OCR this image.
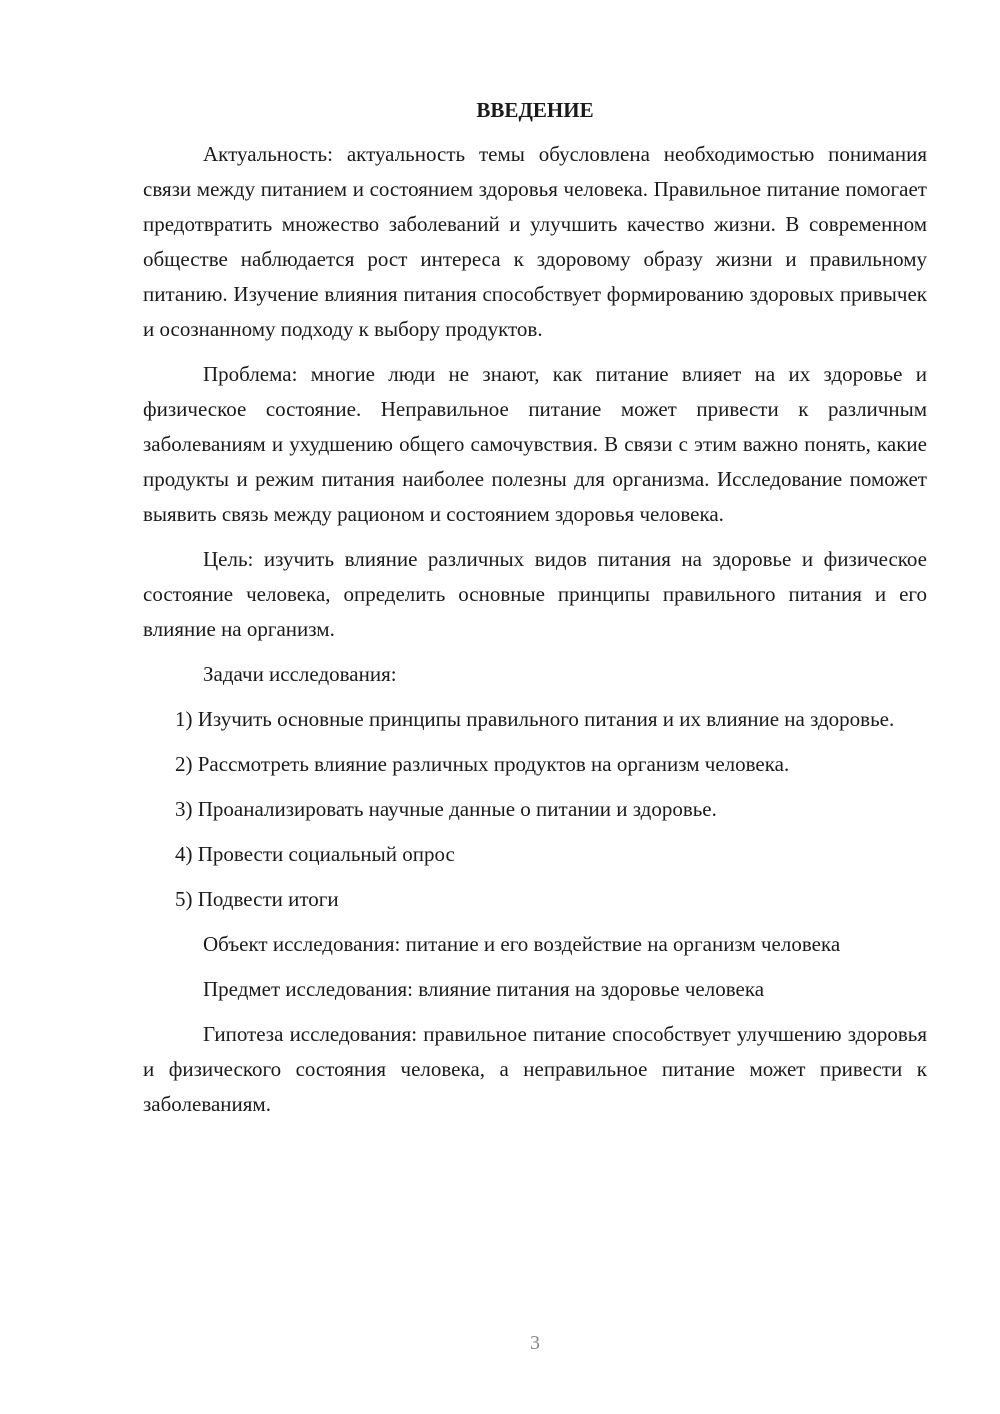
ВВЕДЕНИЕ

Актуальность: актуальность темы обусловлена необходимостью понимания связи между питанием и состоянием здоровья человека. Правильное питание помогает предотвратить множество заболеваний и улучшить качество жизни. В современном обществе наблюдается рост интереса к здоровому образу жизни и правильному питанию. Изучение влияния питания способствует формированию здоровых привычек и осознанному подходу к выбору продуктов.

Проблема: многие люди не знают, как питание влияет на их здоровье и физическое состояние. Неправильное питание может привести к различным заболеваниям и ухудшению общего самочувствия. В связи с этим важно понять, какие продукты и режим питания наиболее полезны для организма. Исследование поможет выявить связь между рационом и состоянием здоровья человека.

Цель: изучить влияние различных видов питания на здоровье и физическое состояние человека, определить основные принципы правильного питания и его влияние на организм.

Задачи исследования:

1) Изучить основные принципы правильного питания и их влияние на здоровье.

2) Рассмотреть влияние различных продуктов на организм человека.

3) Проанализировать научные данные о питании и здоровье.

4) Провести социальный опрос

5) Подвести итоги

Объект исследования: питание и его воздействие на организм человека

Предмет исследования: влияние питания на здоровье человека

Гипотеза исследования: правильное питание способствует улучшению здоровья и физического состояния человека, а неправильное питание может привести к заболеваниям.

3
